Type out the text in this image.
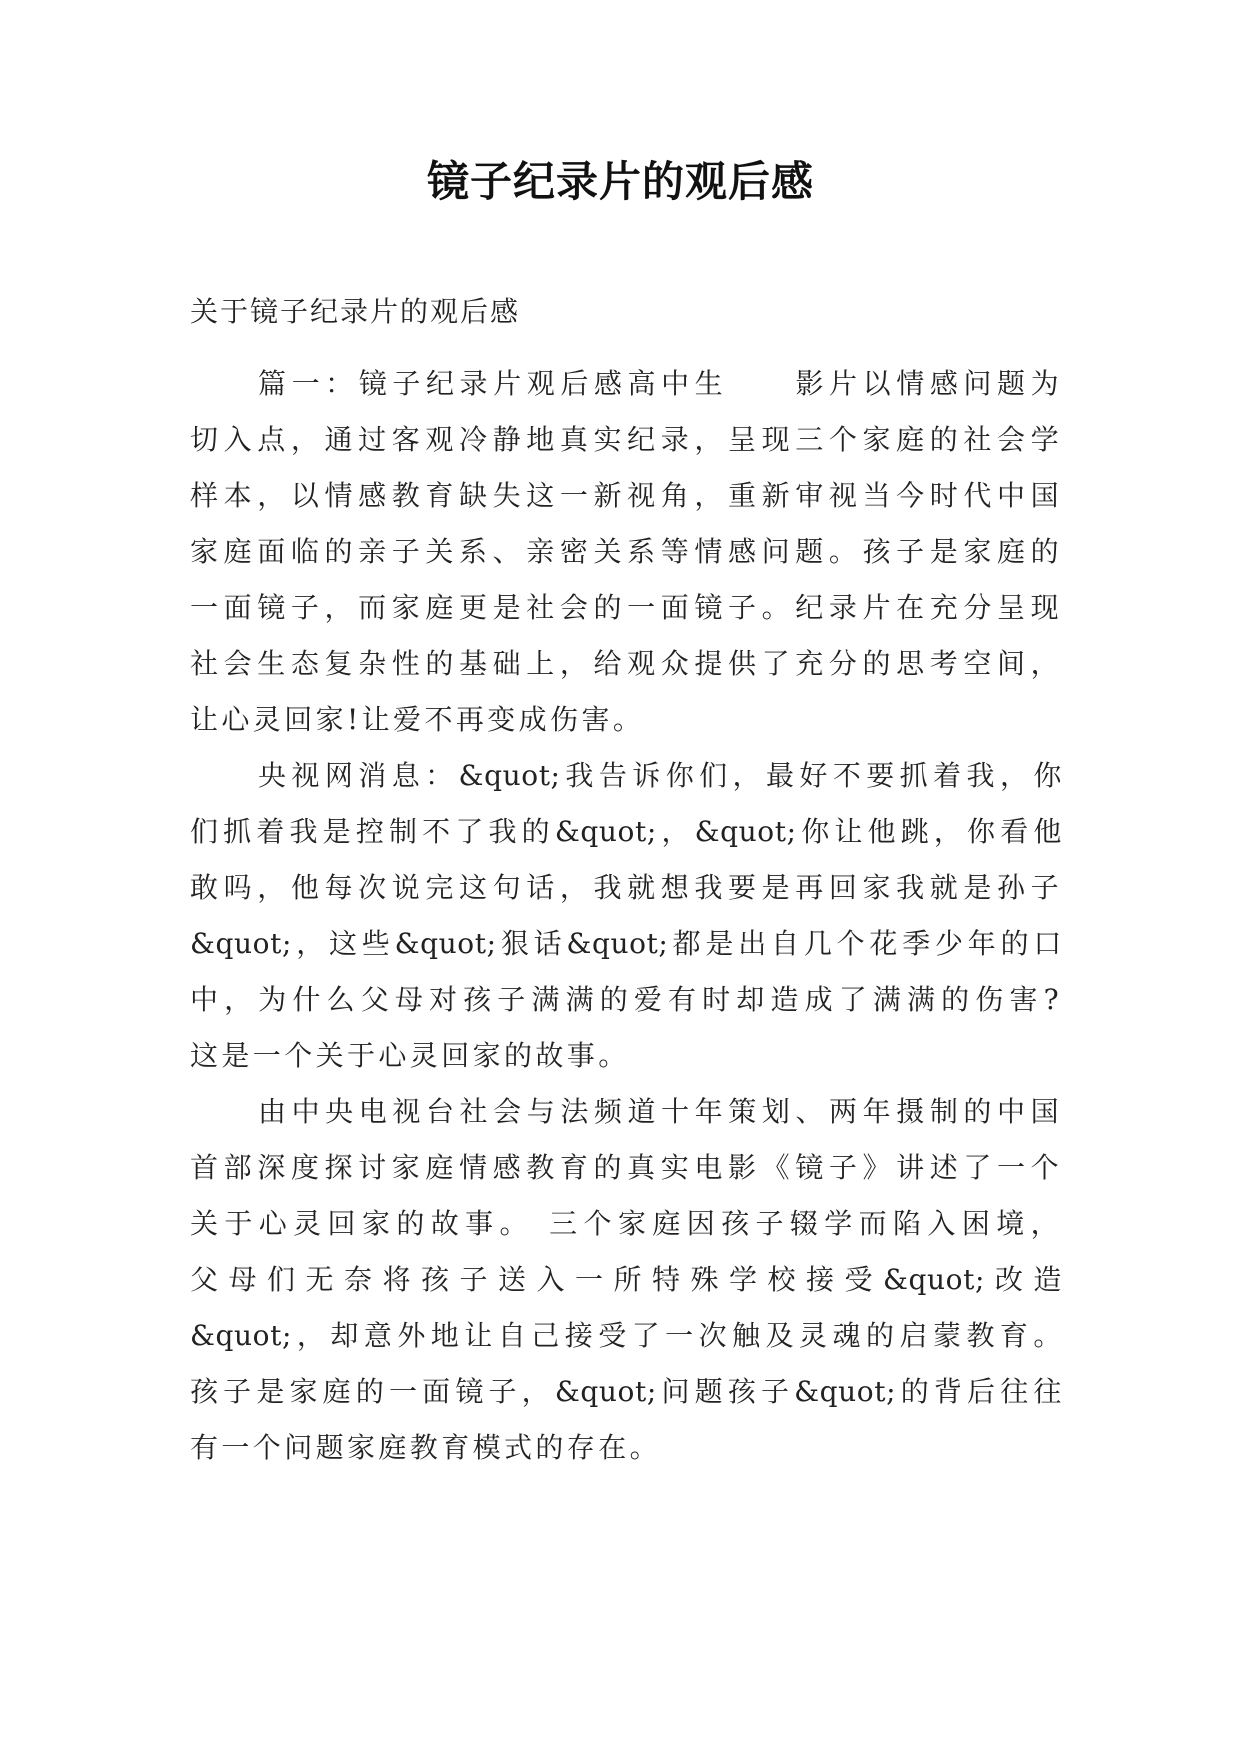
镜子纪录片的观后感
关于镜子纪录片的观后感
篇一：镜子纪录片观后感高中生　　影片以情感问题为
切入点，通过客观冷静地真实纪录，呈现三个家庭的社会学
样本，以情感教育缺失这一新视角，重新审视当今时代中国
家庭面临的亲子关系、亲密关系等情感问题。孩子是家庭的
一面镜子，而家庭更是社会的一面镜子。纪录片在充分呈现
社会生态复杂性的基础上，给观众提供了充分的思考空间，
让心灵回家!让爱不再变成伤害。
央视网消息：&quot;我告诉你们，最好不要抓着我，你
们抓着我是控制不了我的&quot;，&quot;你让他跳，你看他
敢吗，他每次说完这句话，我就想我要是再回家我就是孙子
&quot;，这些&quot;狠话&quot;都是出自几个花季少年的口
中，为什么父母对孩子满满的爱有时却造成了满满的伤害?
这是一个关于心灵回家的故事。
由中央电视台社会与法频道十年策划、两年摄制的中国
首部深度探讨家庭情感教育的真实电影《镜子》讲述了一个
关于心灵回家的故事。 三个家庭因孩子辍学而陷入困境，
父母们无奈将孩子送入一所特殊学校接受&quot;改造
&quot;，却意外地让自己接受了一次触及灵魂的启蒙教育。
孩子是家庭的一面镜子，&quot;问题孩子&quot;的背后往往
有一个问题家庭教育模式的存在。
